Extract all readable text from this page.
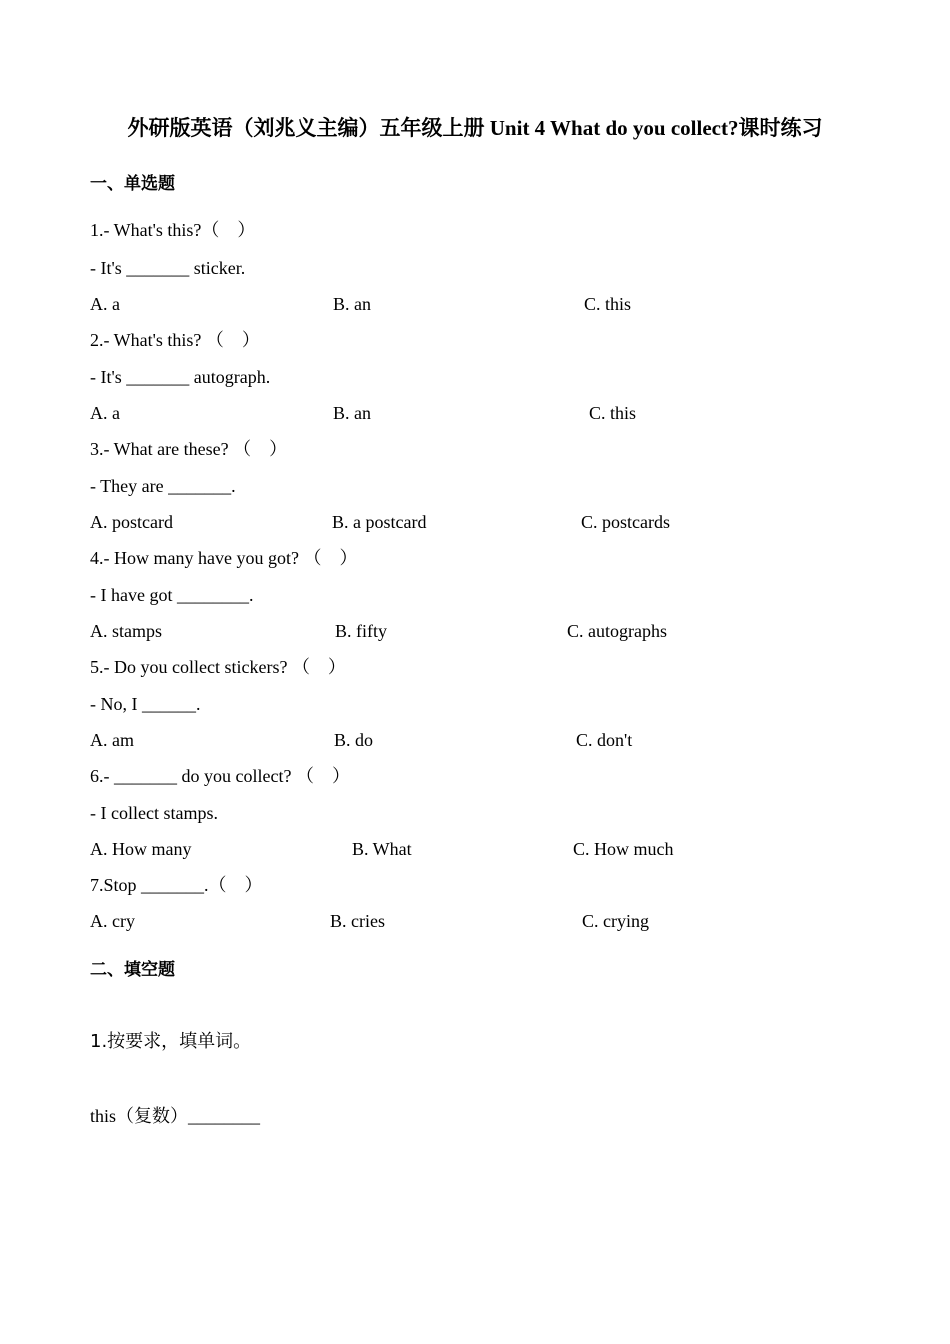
外研版英语（刘兆义主编）五年级上册 Unit 4 What do you collect?课时练习
一、单选题
1.- What's this?（　）
- It's _______ sticker.
A. a	B. an	C. this
2.- What's this? （　）
- It's _______ autograph.
A. a	B. an	C. this
3.- What are these? （　）
- They are _______.
A. postcard	B. a postcard	C. postcards
4.- How many have you got? （　）
- I have got ________.
A. stamps	B. fifty	C. autographs
5.- Do you collect stickers? （　）
- No, I ______.
A. am	B. do	C. don't
6.- _______ do you collect? （　）
- I collect stamps.
A. How many	B. What	C. How much
7.Stop _______.（　）
A. cry	B. cries	C. crying
二、填空题
1.按要求，填单词。
this（复数）________
